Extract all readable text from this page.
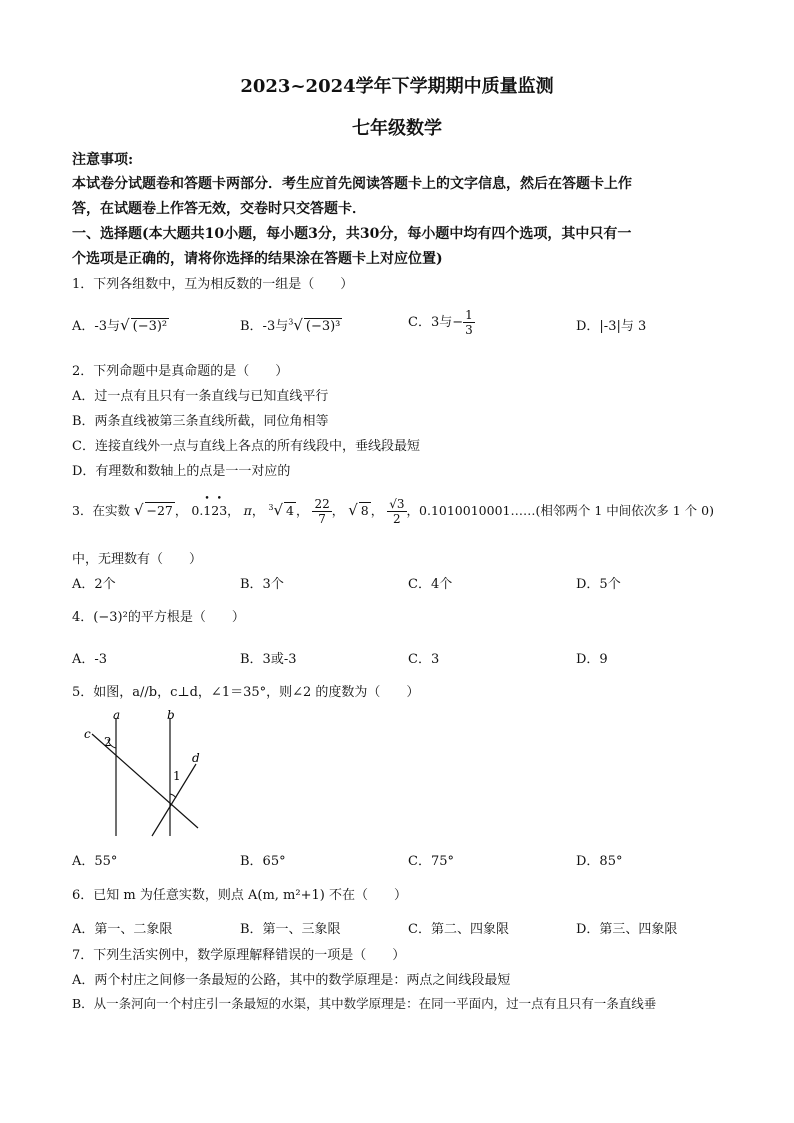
2023~2024学年下学期期中质量监测
七年级数学
注意事项:
本试卷分试题卷和答题卡两部分．考生应首先阅读答题卡上的文字信息，然后在答题卡上作
答，在试题卷上作答无效，交卷时只交答题卡．
一、选择题(本大题共10小题，每小题3分，共30分，每小题中均有四个选项，其中只有一
个选项是正确的，请将你选择的结果涂在答题卡上对应位置)
1．下列各组数中，互为相反数的一组是（　　）
A．-3与√ (−3)²	B．-3与$^3$√ (−3)³	C．3与− $\frac{1}{3}$	D．|-3|与 3
2．下列命题中是真命题的是（　　）
A．过一点有且只有一条直线与已知直线平行
B．两条直线被第三条直线所截，同位角相等
C．连接直线外一点与直线上各点的所有线段中，垂线段最短
D．有理数和数轴上的点是一一对应的
3．在实数 √ −27 ， 0.123
••
， π， $^3$√ 4 ， $\frac{22}{7}$ ， √ 8 ， $\frac{√3}{2}$ ，0.1010010001……(相邻两个 1 中间依次多 1 个 0)
中，无理数有（　　）
A．2个	B．3个	C．4个	D．5个
4．(−3)²的平方根是（　　）
A．-3	B．3或-3	C．3	D．9
5．如图，a//b，c⊥d，∠1＝35°，则∠2 的度数为（　　）
a	b
c
d
1
2
A．55°	B．65°	C．75°	D．85°
6．已知 m 为任意实数，则点 A(m, m²+1) 不在（　　）
A．第一、二象限	B．第一、三象限	C．第二、四象限	D．第三、四象限
7．下列生活实例中，数学原理解释错误的一项是（　　）
A．两个村庄之间修一条最短的公路，其中的数学原理是：两点之间线段最短
B．从一条河向一个村庄引一条最短的水渠，其中数学原理是：在同一平面内，过一点有且只有一条直线垂
